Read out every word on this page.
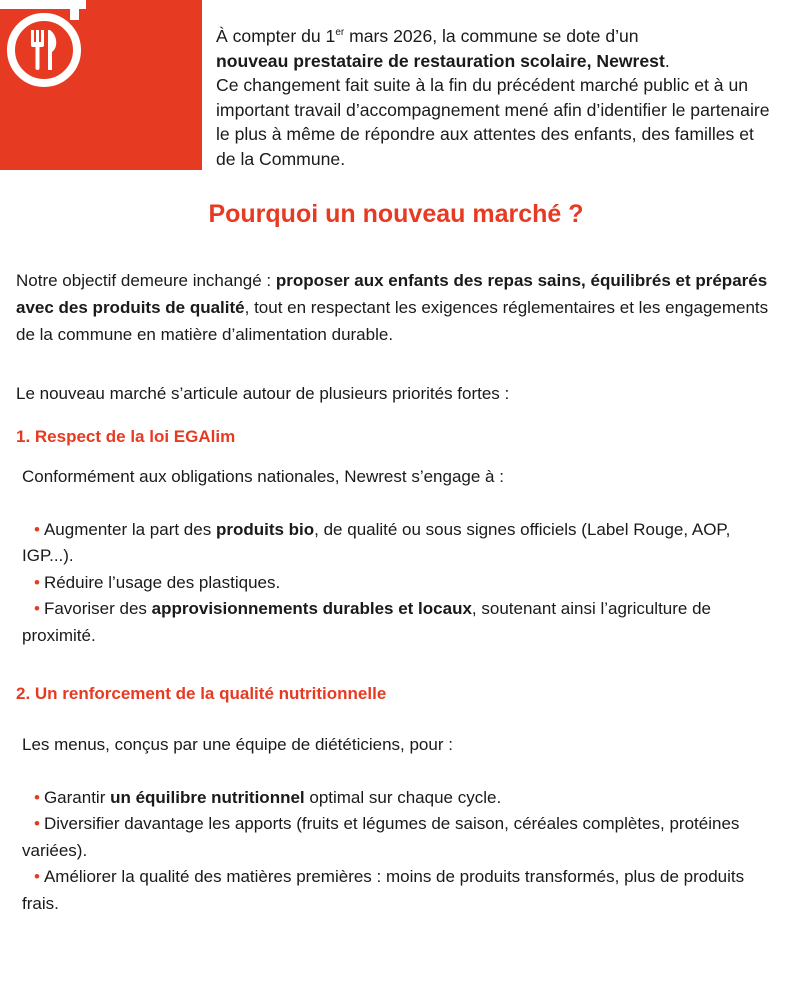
À compter du 1er mars 2026, la commune se dote d’un
nouveau prestataire de restauration scolaire, Newrest.
Ce changement fait suite à la fin du précédent marché public et à un important travail d’accompagnement mené afin d’identifier le partenaire le plus à même de répondre aux attentes des enfants, des familles et de la Commune.

Pourquoi un nouveau marché ?

Notre objectif demeure inchangé : proposer aux enfants des repas sains, équilibrés et préparés avec des produits de qualité, tout en respectant les exigences réglementaires et les engagements de la commune en matière d’alimentation durable.

Le nouveau marché s’articule autour de plusieurs priorités fortes :

1. Respect de la loi EGAlim

Conformément aux obligations nationales, Newrest s’engage à :

• Augmenter la part des produits bio, de qualité ou sous signes officiels (Label Rouge, AOP, IGP...).
• Réduire l’usage des plastiques.
• Favoriser des approvisionnements durables et locaux, soutenant ainsi l’agriculture de proximité.
2. Un renforcement de la qualité nutritionnelle

Les menus, conçus par une équipe de diététiciens, pour :

• Garantir un équilibre nutritionnel optimal sur chaque cycle.
• Diversifier davantage les apports (fruits et légumes de saison, céréales complètes, protéines variées).
• Améliorer la qualité des matières premières : moins de produits transformés, plus de produits frais.
